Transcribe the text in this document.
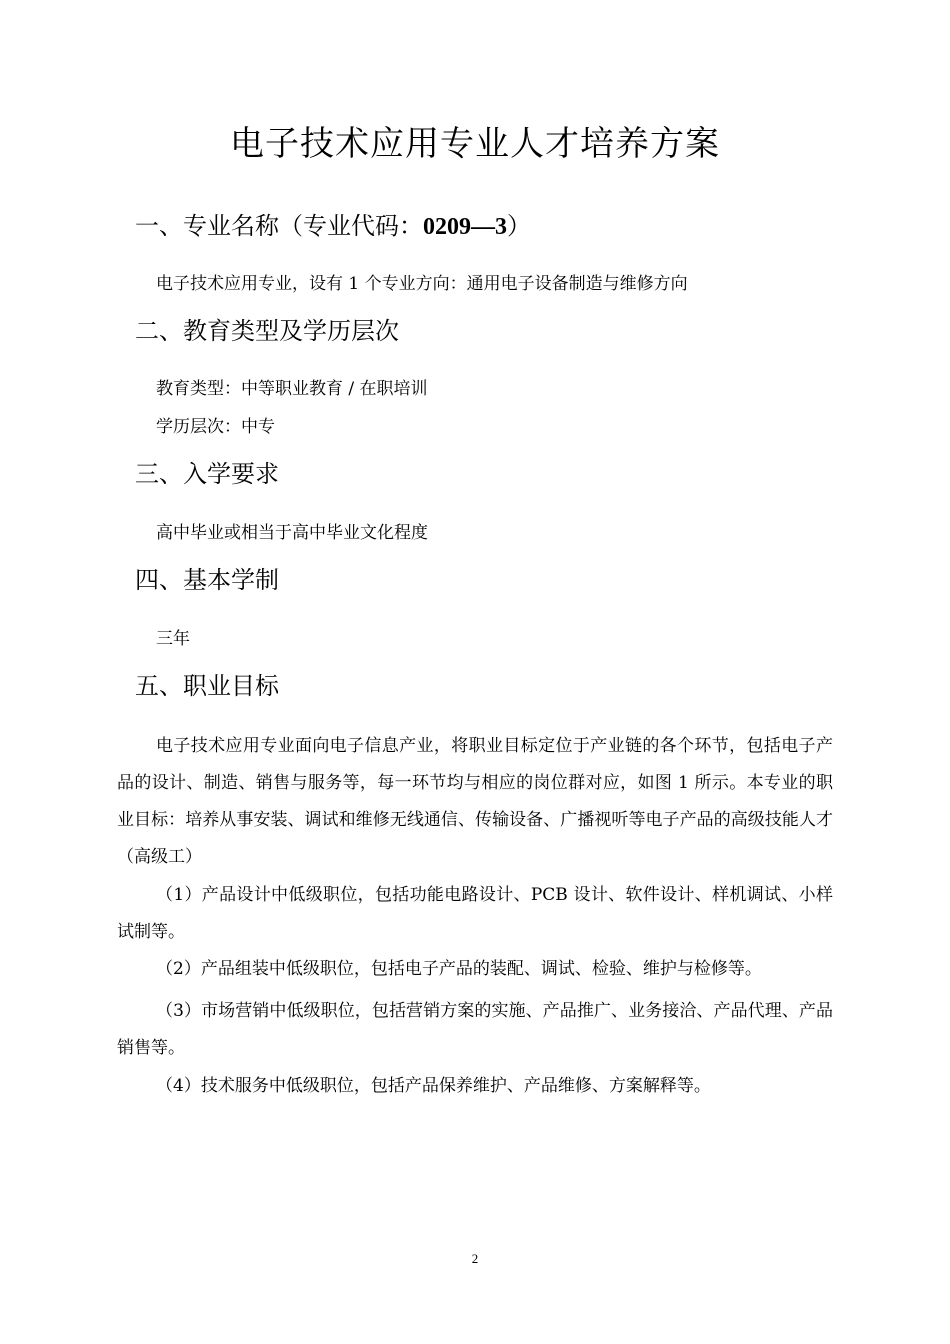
电子技术应用专业人才培养方案
一、专业名称（专业代码：0209—3）
电子技术应用专业，设有 1 个专业方向：通用电子设备制造与维修方向
二、教育类型及学历层次
教育类型：中等职业教育 / 在职培训
学历层次：中专
三、入学要求
高中毕业或相当于高中毕业文化程度
四、基本学制
三年
五、职业目标
电子技术应用专业面向电子信息产业，将职业目标定位于产业链的各个环节，包括电子产品的设计、制造、销售与服务等，每一环节均与相应的岗位群对应，如图 1 所示。本专业的职业目标：培养从事安装、调试和维修无线通信、传输设备、广播视听等电子产品的高级技能人才（高级工）
（1）产品设计中低级职位，包括功能电路设计、PCB 设计、软件设计、样机调试、小样试制等。
（2）产品组装中低级职位，包括电子产品的装配、调试、检验、维护与检修等。
（3）市场营销中低级职位，包括营销方案的实施、产品推广、业务接洽、产品代理、产品销售等。
（4）技术服务中低级职位，包括产品保养维护、产品维修、方案解释等。
2
